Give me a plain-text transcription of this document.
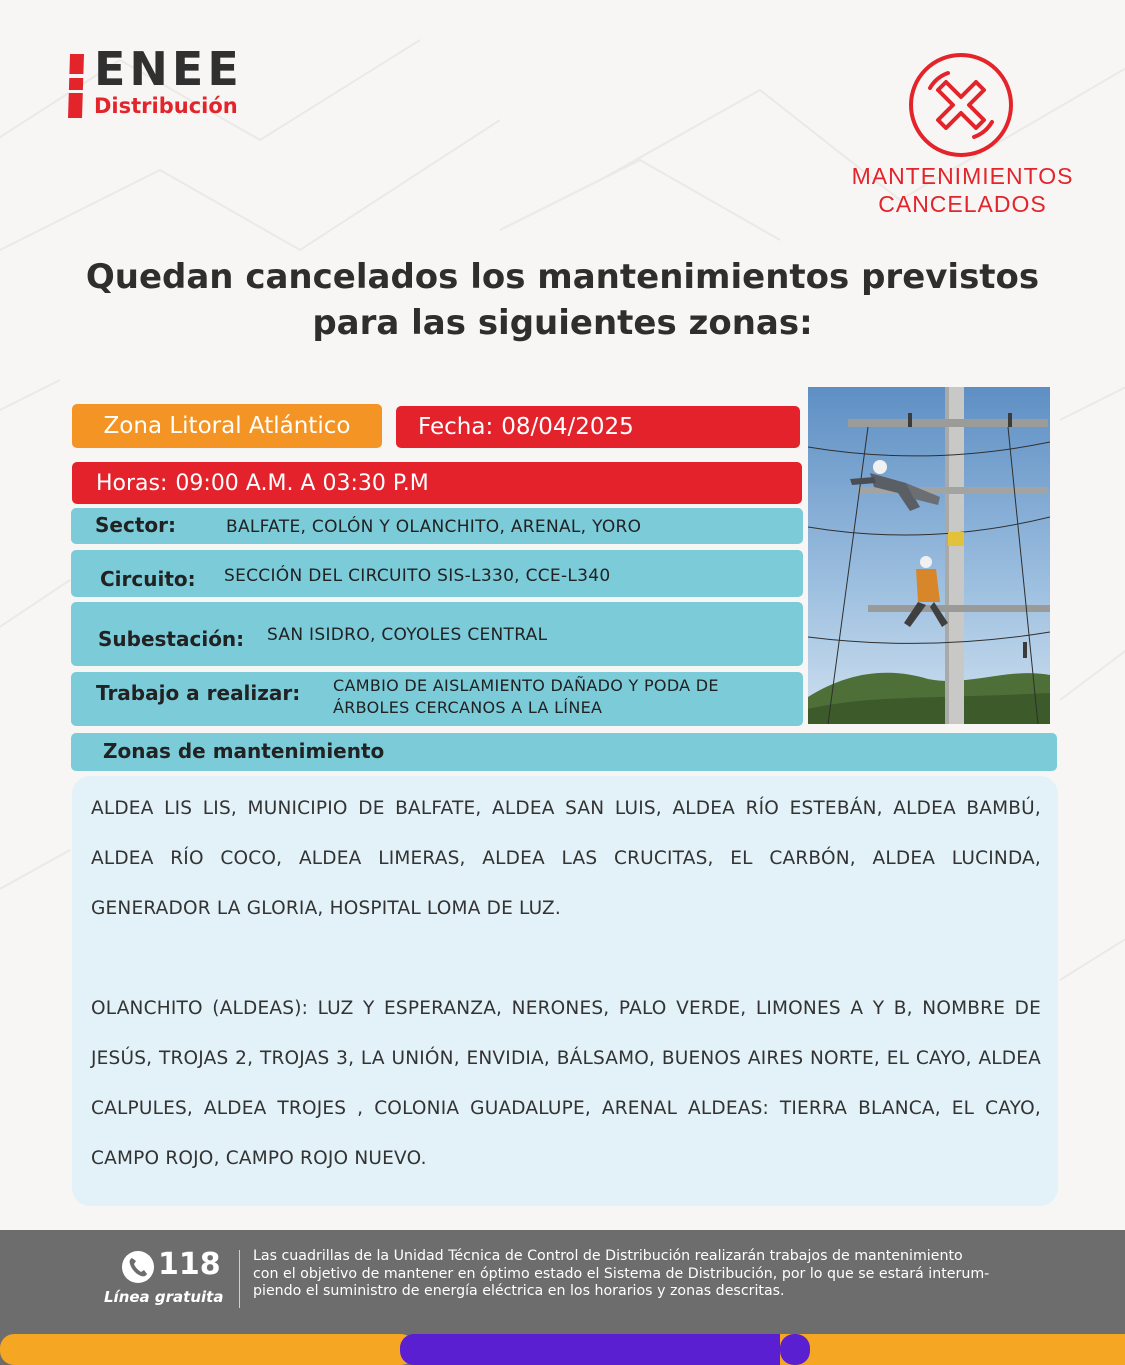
ENEE
Distribución
MANTENIMIENTOS
CANCELADOS
Quedan cancelados los mantenimientos previstos
para las siguientes zonas:
Zona Litoral Atlántico	Fecha: 08/04/2025
Horas: 09:00 A.M. A 03:30 P.M
Sector:	BALFATE, COLÓN Y OLANCHITO, ARENAL, YORO
Circuito: SECCIÓN DEL CIRCUITO SIS-L330, CCE-L340
Subestación: SAN ISIDRO, COYOLES CENTRAL
Trabajo a realizar: CAMBIO DE AISLAMIENTO DAÑADO Y PODA DE
ÁRBOLES CERCANOS A LA LÍNEA
Zonas de mantenimiento
ALDEA LIS LIS, MUNICIPIO DE BALFATE, ALDEA SAN LUIS, ALDEA RÍO ESTEBÁN, ALDEA BAMBÚ, ALDEA RÍO COCO, ALDEA LIMERAS, ALDEA LAS CRUCITAS, EL CARBÓN, ALDEA LUCINDA, GENERADOR LA GLORIA, HOSPITAL LOMA DE LUZ.
OLANCHITO (ALDEAS): LUZ Y ESPERANZA, NERONES, PALO VERDE, LIMONES A Y B, NOMBRE DE JESÚS, TROJAS 2, TROJAS 3, LA UNIÓN, ENVIDIA, BÁLSAMO, BUENOS AIRES NORTE, EL CAYO, ALDEA CALPULES, ALDEA TROJES , COLONIA GUADALUPE, ARENAL ALDEAS: TIERRA BLANCA, EL CAYO, CAMPO ROJO, CAMPO ROJO NUEVO.
118
Línea gratuita
Las cuadrillas de la Unidad Técnica de Control de Distribución realizarán trabajos de mantenimiento
con el objetivo de mantener en óptimo estado el Sistema de Distribución, por lo que se estará interum-
piendo el suministro de energía eléctrica en los horarios y zonas descritas.
